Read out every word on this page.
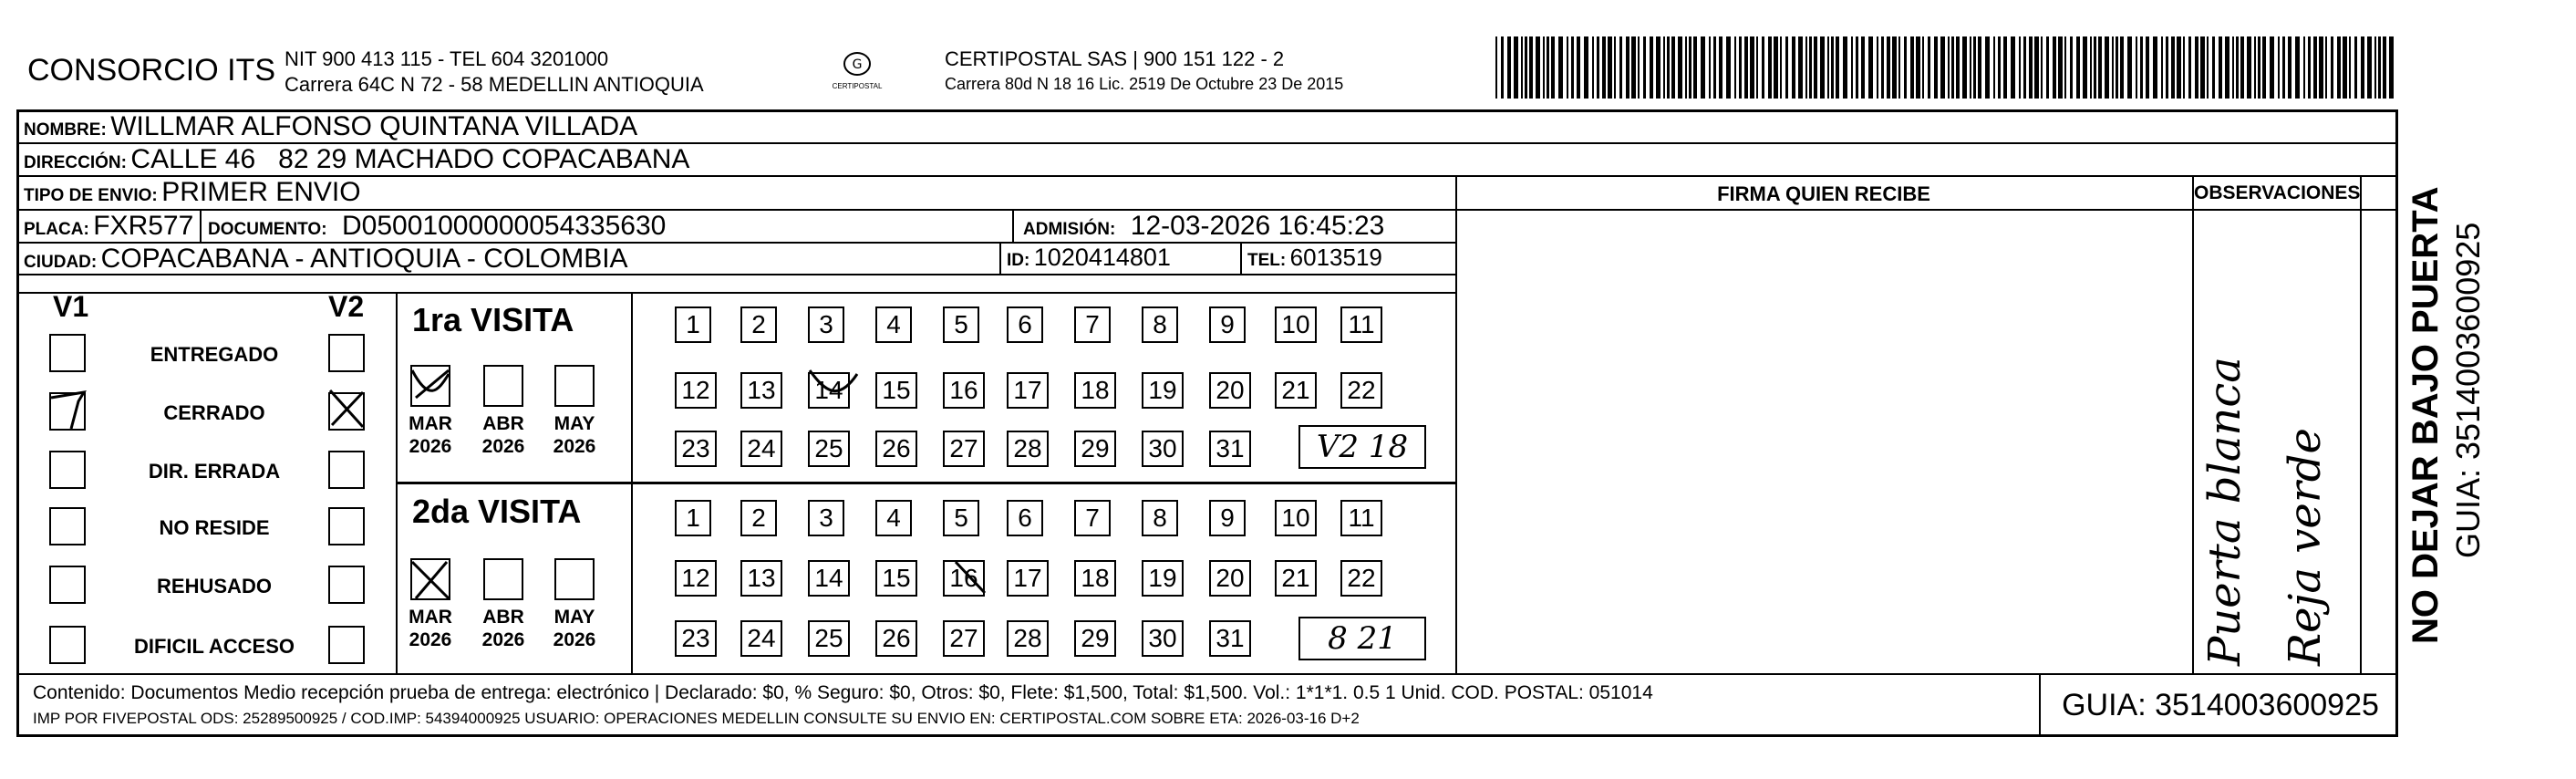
CONSORCIO ITS NIT 900 413 115 - TEL 604 3201000
Carrera 64C N 72 - 58 MEDELLIN ANTIOQUIA
G
CERTIPOSTAL
CERTIPOSTAL SAS | 900 151 122 - 2
Carrera 80d N 18 16 Lic. 2519 De Octubre 23 De 2015
NOMBRE: WILLMAR ALFONSO QUINTANA VILLADA
DIRECCIÓN: CALLE 46   82 29 MACHADO COPACABANA
TIPO DE ENVIO: PRIMER ENVIO	FIRMA QUIEN RECIBE	OBSERVACIONES
PLACA: FXR577 DOCUMENTO: D05001000000054335630	ADMISIÓN: 12-03-2026 16:45:23
CIUDAD: COPACABANA - ANTIOQUIA - COLOMBIA	ID: 1020414801	TEL: 6013519
V1	V2
ENTREGADO
CERRADO
DIR. ERRADA
NO RESIDE
REHUSADO
DIFICIL ACCESO
1ra VISITA
2da VISITA
MAR
2026
ABR
2026
MAY
2026
MAR
2026
ABR
2026
MAY
2026
1	2	3	4	5	6	7	8	9	10	11
12 13 14 15 16 17 18 19 20 21 22
23 24 25 26 27 28 29 30 31
1	2	3	4	5	6	7	8	9	10	11
12 13 14 15 16 17 18 19 20 21 22
23 24 25 26 27 28 29 30 31
V2 18
8 21	Puerta blanca Reja verde NO DEJAR BAJO PUERTA GUIA: 3514003600925
Contenido: Documentos Medio recepción prueba de entrega: electrónico | Declarado: $0, % Seguro: $0, Otros: $0, Flete: $1,500, Total: $1,500. Vol.: 1*1*1. 0.5 1 Unid. COD. POSTAL: 051014
IMP POR FIVEPOSTAL ODS: 25289500925 / COD.IMP: 54394000925 USUARIO: OPERACIONES MEDELLIN CONSULTE SU ENVIO EN: CERTIPOSTAL.COM SOBRE ETA: 2026-03-16 D+2	GUIA: 3514003600925
